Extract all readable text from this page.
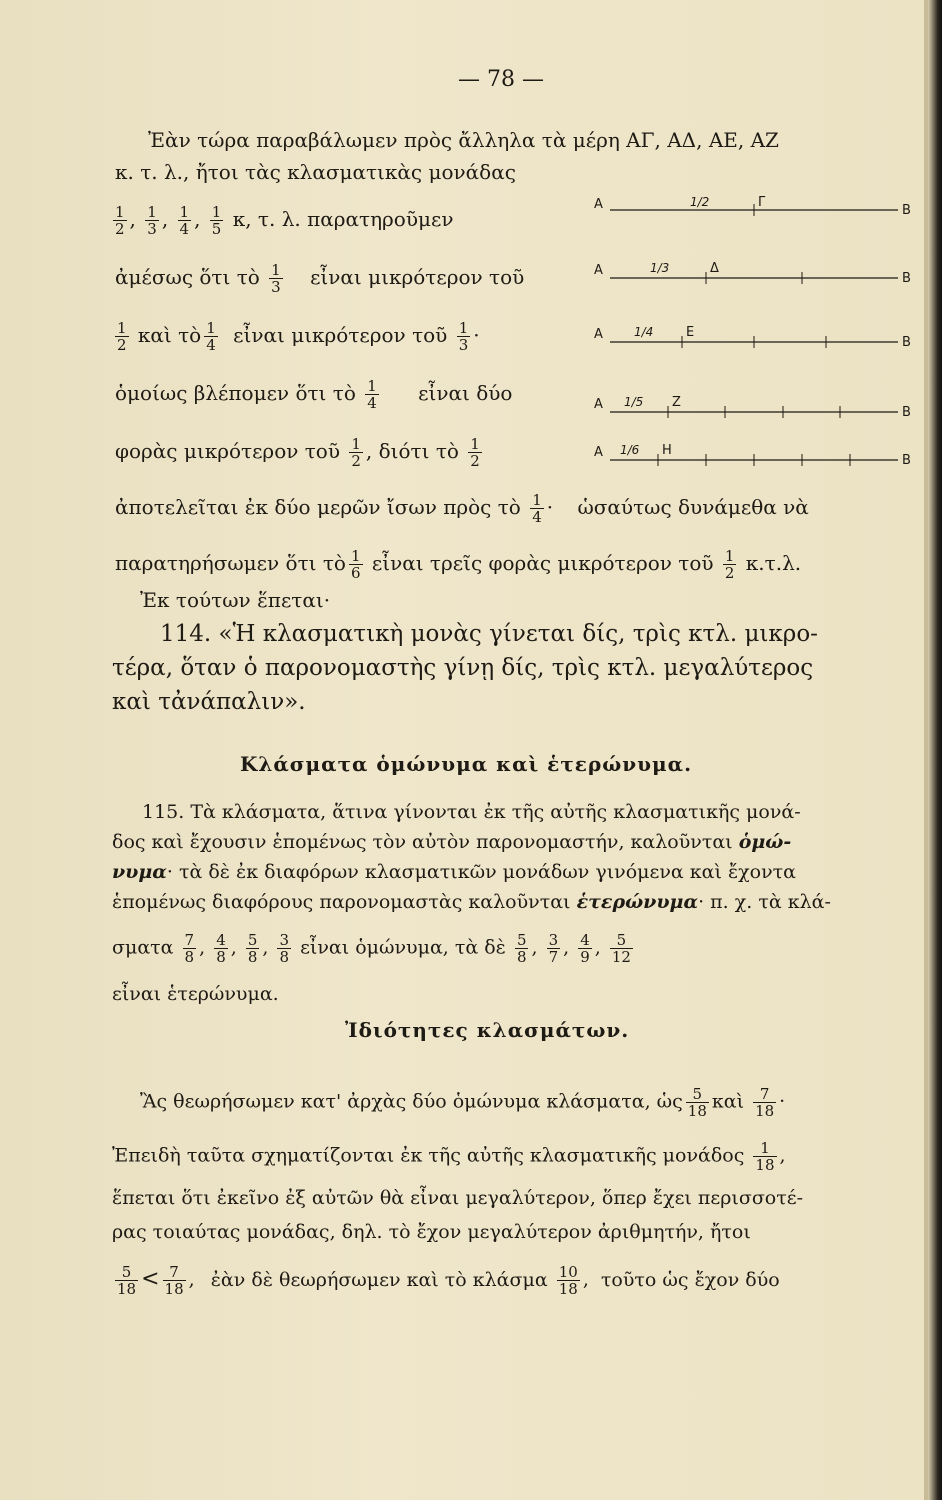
— 78 —
Ἐὰν τώρα παραβάλωμεν πρὸς ἄλληλα τὰ μέρη ΑΓ, ΑΔ, ΑΕ, ΑΖ
κ. τ. λ., ἤτοι τὰς κλασματικὰς μονάδας
$\frac{1}{2}$ , $\frac{1}{3}$ , $\frac{1}{4}$ , $\frac{1}{5} \kappa$, τ. λ. παρατηροῦμεν
ἀμέσως ὅτι τὸ $\frac{1}{3}$ εἶναι μικρότερον τοῦ
$\frac{1}{2}$ καὶ τὸ $\frac{1}{4}$ εἶναι μικρότερον τοῦ $\frac{1}{3}$ ·
ὁμοίως βλέπομεν ὅτι τὸ $\frac{1}{4}$ εἶναι δύο
φορὰς μικρότερον τοῦ $\frac{1}{2}$ , διότι τὸ $\frac{1}{2}$
ἀποτελεῖται ἐκ δύο μερῶν ἴσων πρὸς τὸ $\frac{1}{4}$ · ὡσαύτως δυνάμεθα νὰ
παρατηρήσωμεν ὅτι τὸ $\frac{1}{6}$ εἶναι τρεῖς φορὰς μικρότερον τοῦ $\frac{1}{2} \kappa.\tau.\lambda$.
Ἐκ τούτων ἕπεται·
A	1/2	Γ
Β
A	1/3	Δ
Β
A	1/4	Ε
Β
A 1/5 Ζ
Β
A 1/6 Η
Β
114. «Ἡ κλασματικὴ μονὰς γίνεται δίς, τρὶς κτλ. μικρο-
τέρα, ὅταν ὁ παρονομαστὴς γίνῃ δίς, τρὶς κτλ. μεγαλύτερος
καὶ τἀνάπαλιν».
Κλάσματα ὁμώνυμα καὶ ἑτερώνυμα.
115. Τὰ κλάσματα, ἅτινα γίνονται ἐκ τῆς αὐτῆς κλασματικῆς μονά-
δος καὶ ἔχουσιν ἑπομένως τὸν αὐτὸν παρονομαστήν, καλοῦνται ὁμώ-
νυμα· τὰ δὲ ἐκ διαφόρων κλασματικῶν μονάδων γινόμενα καὶ ἔχοντα
ἑπομένως διαφόρους παρονομαστὰς καλοῦνται ἑτερώνυμα· π. χ. τὰ κλά-
σματα $\frac{7}{8}$ , $\frac{4}{8}$ , $\frac{5}{8}$ , $\frac{3}{8}$ εἶναι ὁμώνυμα, τὰ δὲ $\frac{5}{8}$ , $\frac{3}{7}$ , $\frac{4}{9}$ , $\frac{5}{12}$
εἶναι ἑτερώνυμα.
Ἰδιότητες κλασμάτων.
Ἂς θεωρήσωμεν κατ' ἀρχὰς δύο ὁμώνυμα κλάσματα, ὡς $\frac{5}{18}$ καὶ $\frac{7}{18}$ ·
Ἐπειδὴ ταῦτα σχηματίζονται ἐκ τῆς αὐτῆς κλασματικῆς μονάδος $\frac{1}{18}$ ,
ἕπεται ὅτι ἐκεῖνο ἐξ αὐτῶν θὰ εἶναι μεγαλύτερον, ὅπερ ἔχει περισσοτέ-
ρας τοιαύτας μονάδας, δηλ. τὸ ἔχον μεγαλύτερον ἀριθμητήν, ἤτοι
$\frac{5}{18} < \frac{7}{18}$ , ἐὰν δὲ θεωρήσωμεν καὶ τὸ κλάσμα $\frac{10}{18}$ , τοῦτο ὡς ἔχον δύο
